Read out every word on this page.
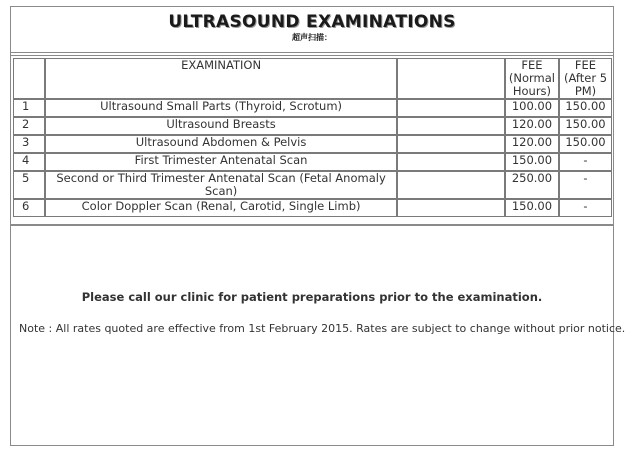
ULTRASOUND EXAMINATIONS
超声扫描：
	EXAMINATION		FEE (Normal Hours)	FEE (After 5 PM)
1	Ultrasound Small Parts (Thyroid, Scrotum)		100.00	150.00
2	Ultrasound Breasts		120.00	150.00
3	Ultrasound Abdomen & Pelvis		120.00	150.00
4	First Trimester Antenatal Scan		150.00	-
5	Second or Third Trimester Antenatal Scan (Fetal Anomaly Scan)		250.00	-
6	Color Doppler Scan (Renal, Carotid, Single Limb)		150.00	-
Please call our clinic for patient preparations prior to the examination.
Note : All rates quoted are effective from 1st February 2015. Rates are subject to change without prior notice.
